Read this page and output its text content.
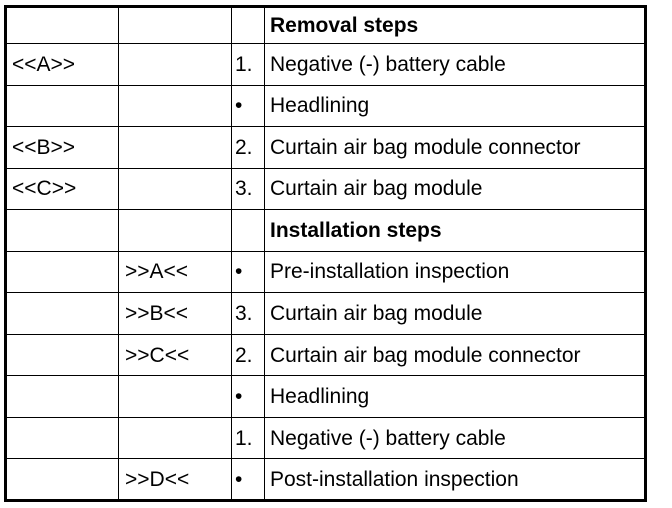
			Removal steps
<<A>>		1.	Negative (-) battery cable
		•	Headlining
<<B>>		2.	Curtain air bag module connector
<<C>>		3.	Curtain air bag module
			Installation steps
	>>A<<	•	Pre-installation inspection
	>>B<<	3.	Curtain air bag module
	>>C<<	2.	Curtain air bag module connector
		•	Headlining
		1.	Negative (-) battery cable
	>>D<<	•	Post-installation inspection
